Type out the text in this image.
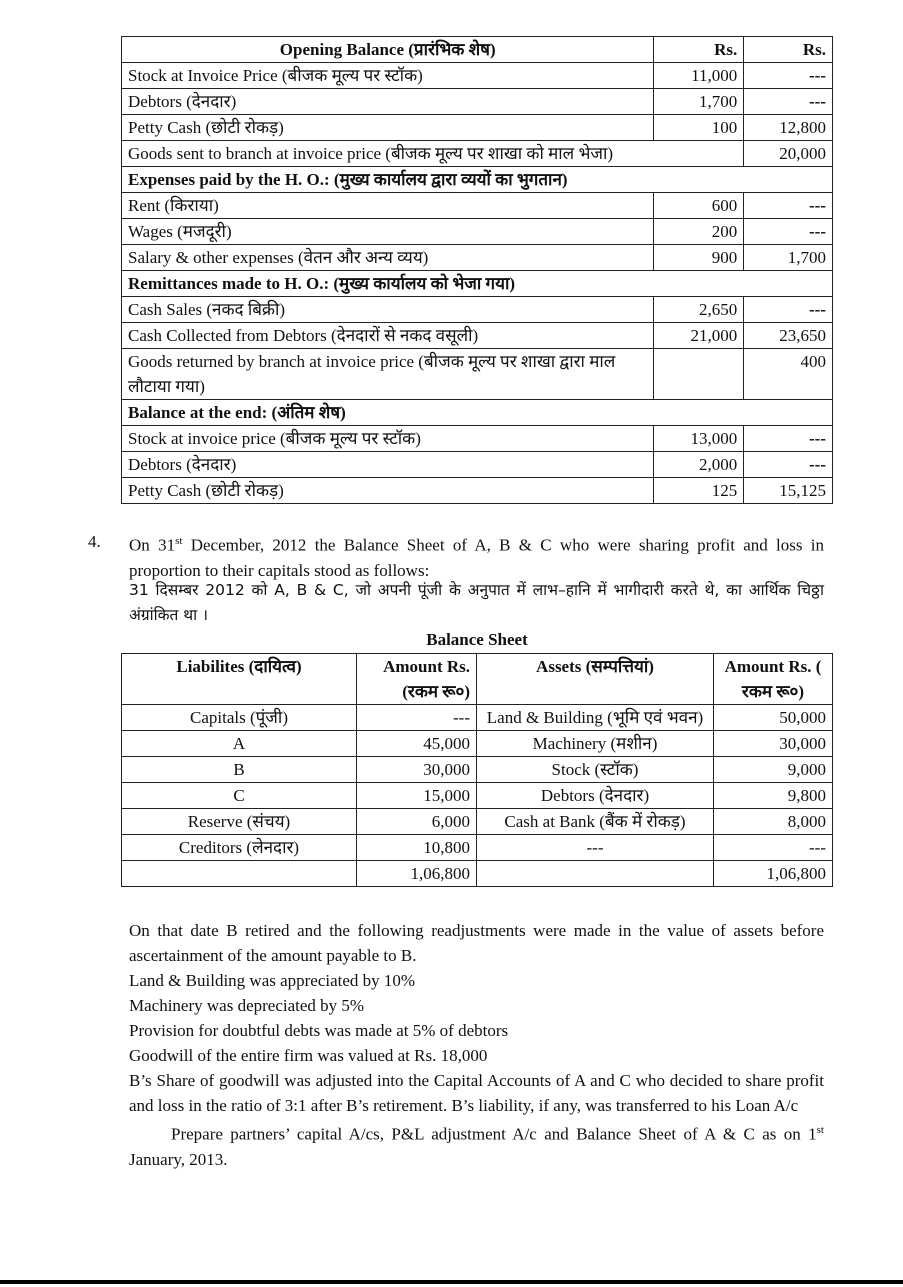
Opening Balance (प्रारंभिक शेष)	Rs.	Rs.
Stock at Invoice Price (बीजक मूल्य पर स्टॉक)	11,000	---
Debtors (देनदार)	1,700	---
Petty Cash (छोटी रोकड़)	100	12,800
Goods sent to branch at invoice price (बीजक मूल्य पर शाखा को माल भेजा)		20,000
Expenses paid by the H. O.: (मुख्य कार्यालय द्वारा व्ययों का भुगतान)		
Rent (किराया)	600	---
Wages (मजदूरी)	200	---
Salary & other expenses (वेतन और अन्य व्यय)	900	1,700
Remittances made to H. O.: (मुख्य कार्यालय को भेजा गया)		
Cash Sales (नकद बिक्री)	2,650	---
Cash Collected from Debtors (देनदारों से नकद वसूली)	21,000	23,650
Goods returned by branch at invoice price (बीजक मूल्य पर शाखा द्वारा माल लौटाया गया)		400
Balance at the end: (अंतिम शेष)		
Stock at invoice price (बीजक मूल्य पर स्टॉक)	13,000	---
Debtors (देनदार)	2,000	---
Petty Cash (छोटी रोकड़)	125	15,125
4. On 31st December, 2012 the Balance Sheet of A, B & C who were sharing profit and loss in proportion to their capitals stood as follows:

31 दिसम्बर 2012 को A, B & C, जो अपनी पूंजी के अनुपात में लाभ–हानि में भागीदारी करते थे, का आर्थिक चिठ्ठा अंग्रांकित था ।
Balance Sheet
Liabilites (दायित्व)	Amount Rs. (रकम रू०)	Assets (सम्पत्तियां)	Amount Rs. ( रकम रू०)
Capitals (पूंजी)	---	Land & Building (भूमि एवं भवन)	50,000
A	45,000	Machinery (मशीन)	30,000
B	30,000	Stock (स्टॉक)	9,000
C	15,000	Debtors (देनदार)	9,800
Reserve (संचय)	6,000	Cash at Bank (बैंक में रोकड़)	8,000
Creditors (लेनदार)	10,800	---	---
	1,06,800		1,06,800

On that date B retired and the following readjustments were made in the value of assets before ascertainment of the amount payable to B.

Land & Building was appreciated by 10%

Machinery was depreciated by 5%

Provision for doubtful debts was made at 5% of debtors

Goodwill of the entire firm was valued at Rs. 18,000

B’s Share of goodwill was adjusted into the Capital Accounts of A and C who decided to share profit and loss in the ratio of 3:1 after B’s retirement. B’s liability, if any, was transferred to his Loan A/c

Prepare partners’ capital A/cs, P&L adjustment A/c and Balance Sheet of A & C as on 1st January, 2013.
